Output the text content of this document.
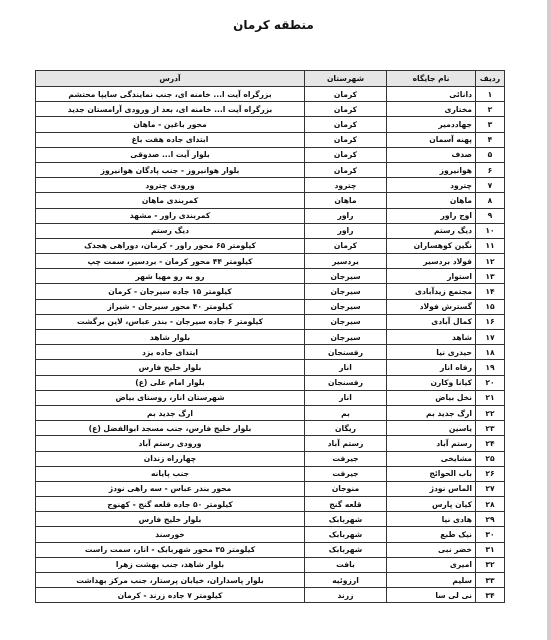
منطقه کرمان
ردیف	نام جایگاه	شهرستان	آدرس
۱	دانائی	کرمان	بزرگراه آیت ا... خامنه ای، جنب نمایندگی سایپا محتشم
۲	مختاری	کرمان	بزرگراه آیت ا... خامنه ای، بعد از ورودی آرامستان جدید
۳	جهاددمیر	کرمان	محور باغین - ماهان
۴	پهنه آسمان	کرمان	ابتدای جاده هفت باغ
۵	صدف	کرمان	بلوار آیت ا... صدوقی
۶	هوانیروز	کرمان	بلوار هوانیروز - جنب پادگان هوانیروز
۷	چترود	چترود	ورودی چترود
۸	ماهان	ماهان	کمربندی ماهان
۹	اوج راور	راور	کمربندی راور - مشهد
۱۰	دیگ رستم	راور	دیگ رستم
۱۱	نگین کوهساران	کرمان	کیلومتر ۶۵ محور راور - کرمان، دوراهی هجدک
۱۲	فولاد بردسیر	بردسیر	کیلومتر ۴۴ محور کرمان - بردسیر، سمت چپ
۱۳	استوار	سیرجان	رو به رو مهیا شهر
۱۴	مجتمع زیدآبادی	سیرجان	کیلومتر ۱۵ جاده سیرجان - کرمان
۱۵	گسترش فولاد	سیرجان	کیلومتر ۴۰ محور سیرجان - شیراز
۱۶	کمال آبادی	سیرجان	کیلومتر ۶ جاده سیرجان - بندر عباس، لاین برگشت
۱۷	شاهد	سیرجان	بلوار شاهد
۱۸	حیدری نیا	رفسنجان	ابتدای جاده یزد
۱۹	رفاه انار	انار	بلوار خلیج فارس
۲۰	کیانا وکارن	رفسنجان	بلوار امام علی (ع)
۲۱	نخل بیاض	انار	شهرستان انار، روستای بیاض
۲۲	ارگ جدید بم	بم	ارگ جدید بم
۲۳	یاسین	ریگان	بلوار خلیج فارس، جنب مسجد ابوالفضل (ع)
۲۴	رستم آباد	رستم آباد	ورودی رستم آباد
۲۵	مشایخی	جیرفت	چهارراه زندان
۲۶	باب الحوائج	جیرفت	جنب پایانه
۲۷	الماس نودژ	منوجان	محور بندر عباس - سه راهی نودژ
۲۸	کیان پارس	قلعه گنج	کیلومتر ۵۰ جاده قلعه گنج - کهنوج
۲۹	هادی نیا	شهربابک	بلوار خلیج فارس
۳۰	نیک طبع	شهربابک	خورسند
۳۱	خضر نبی	شهربابک	کیلومتر ۳۵ محور شهربابک - انار، سمت راست
۳۲	امیری	بافت	بلوار شاهد، جنب بهشت زهرا
۳۳	سلیم	ارزوئیه	بلوار پاسداران، خیابان پرستار، جنب مرکز بهداشت
۳۴	نی لی سا	زرند	کیلومتر ۷ جاده زرند - کرمان
